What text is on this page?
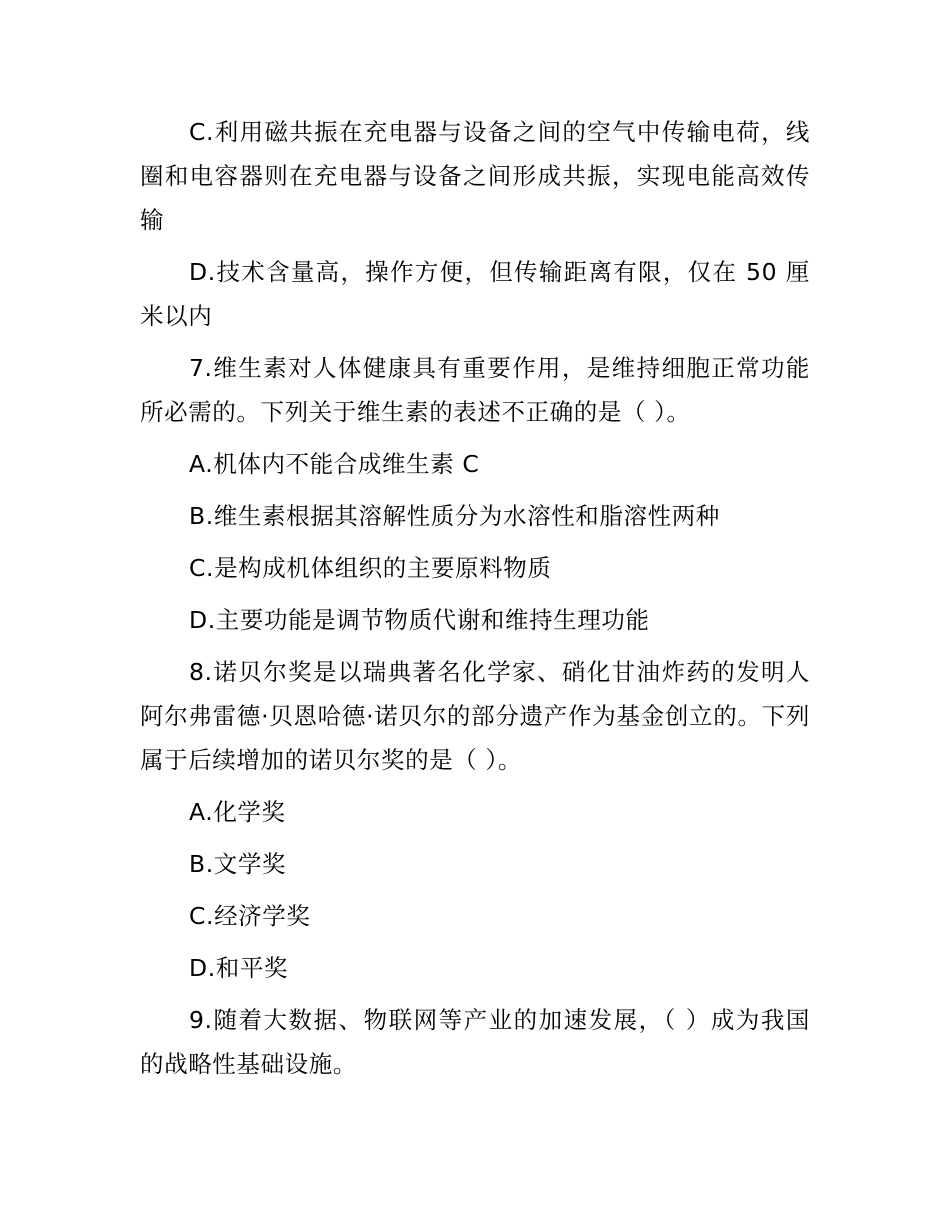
C.利用磁共振在充电器与设备之间的空气中传输电荷，线圈和电容器则在充电器与设备之间形成共振，实现电能高效传输

D.技术含量高，操作方便，但传输距离有限，仅在 50 厘米以内

7.维生素对人体健康具有重要作用，是维持细胞正常功能所必需的。下列关于维生素的表述不正确的是（ ）。

A.机体内不能合成维生素 C

B.维生素根据其溶解性质分为水溶性和脂溶性两种

C.是构成机体组织的主要原料物质

D.主要功能是调节物质代谢和维持生理功能

8.诺贝尔奖是以瑞典著名化学家、硝化甘油炸药的发明人阿尔弗雷德·贝恩哈德·诺贝尔的部分遗产作为基金创立的。下列属于后续增加的诺贝尔奖的是（ ）。

A.化学奖

B.文学奖

C.经济学奖

D.和平奖

9.随着大数据、物联网等产业的加速发展，（ ）成为我国的战略性基础设施。
